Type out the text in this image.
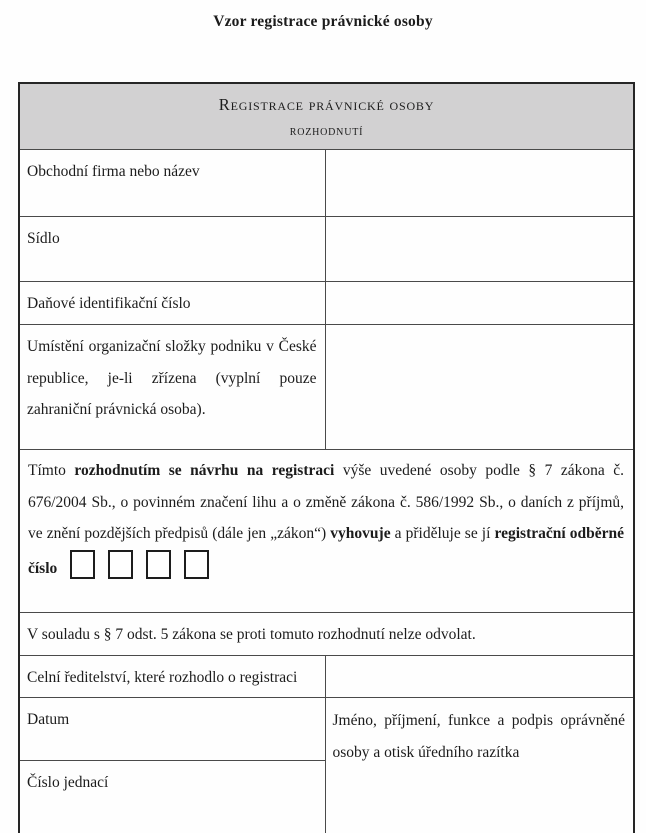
Vzor registrace právnické osoby
Registrace právnické osoby
rozhodnutí	

Obchodní firma nebo název	
Sídlo	
Daňové identifikační číslo	
Umístění organizační složky podniku v České republice, je-li zřízena (vyplní pouze zahraniční právnická osoba).	
Tímto rozhodnutím se návrhu na registraci výše uvedené osoby podle § 7 zákona č. 676/2004 Sb., o povinném značení lihu a o změně zákona č. 586/1992 Sb., o daních z příjmů, ve znění pozdějších předpisů (dále jen „zákon“) vyhovuje a přiděluje se jí registrační odběrné číslo	
V souladu s § 7 odst. 5 zákona se proti tomuto rozhodnutí nelze odvolat.	
Celní ředitelství, které rozhodlo o registraci	
Datum	Jméno, příjmení, funkce a podpis oprávněné osoby a otisk úředního razítka
Číslo jednací	
